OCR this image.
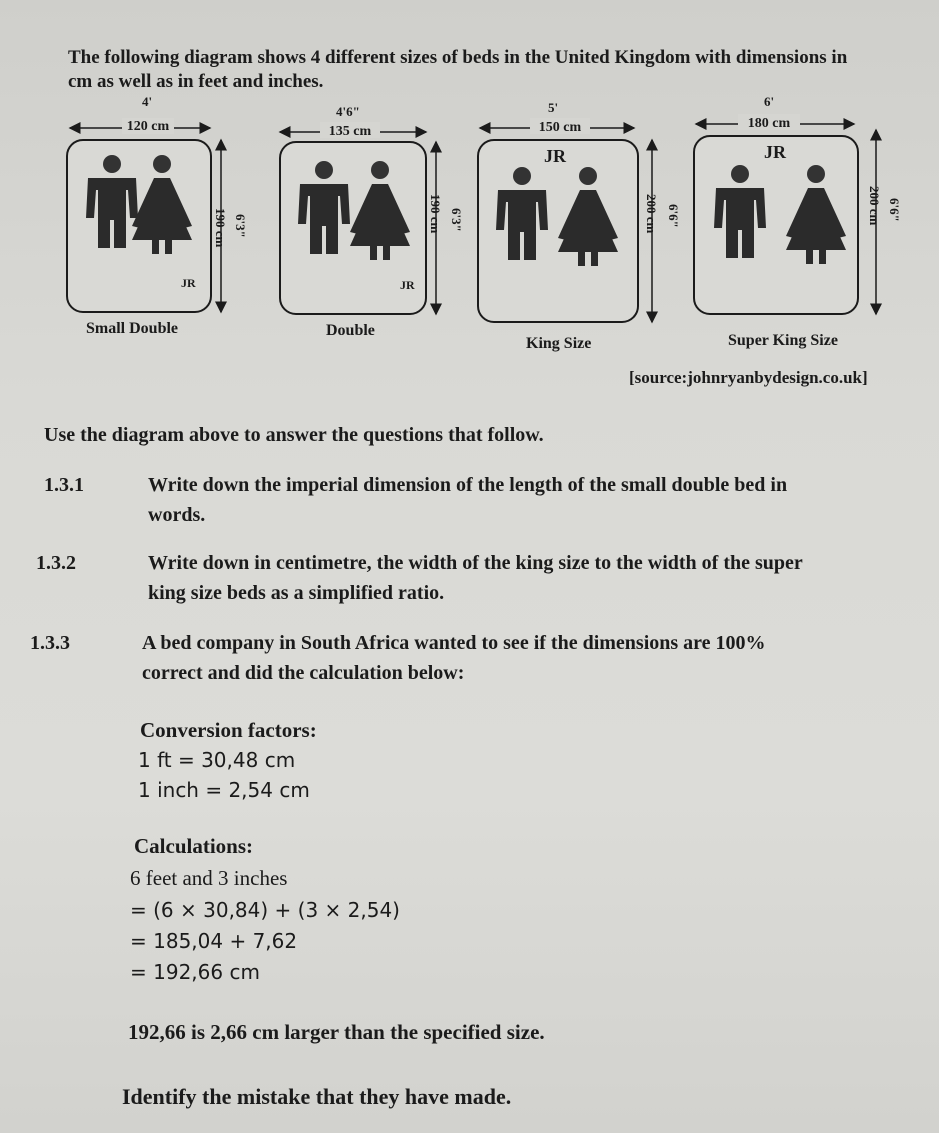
The following diagram shows 4 different sizes of beds in the United Kingdom with dimensions in cm as well as in feet and inches.
4'
120 cm
JR
190 cm 6'3"
Small Double
4'6"
135 cm
JR
190 cm 6'3"
Double
5'
150 cm
JR
200 cm 6'6"
King Size
6'
180 cm
JR
200 cm 6'6"
Super King Size
[source:johnryanbydesign.co.uk]
Use the diagram above to answer the questions that follow.
1.3.1	Write down the imperial dimension of the length of the small double bed in
words.
1.3.2	Write down in centimetre, the width of the king size to the width of the super
king size beds as a simplified ratio.
1.3.3	A bed company in South Africa wanted to see if the dimensions are 100%
correct and did the calculation below:
Conversion factors:
1 ft = 30,48 cm
1 inch = 2,54 cm
Calculations:
6 feet and 3 inches
= (6 × 30,84) + (3 × 2,54)
= 185,04 + 7,62
= 192,66 cm
192,66 is 2,66 cm larger than the specified size.
Identify the mistake that they have made.
